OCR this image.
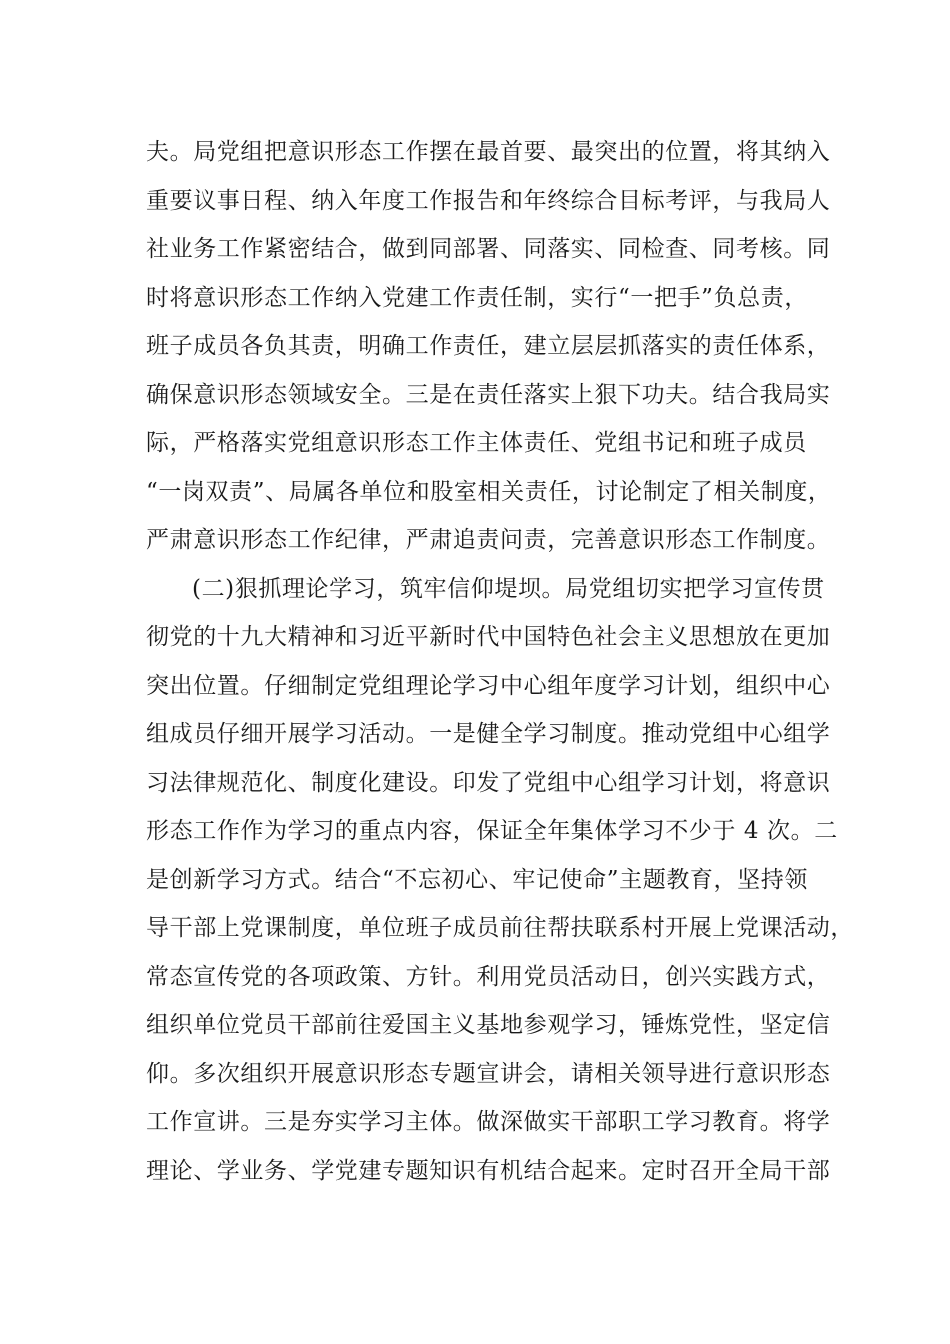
夫。局党组把意识形态工作摆在最首要、最突出的位置，将其纳入
重要议事日程、纳入年度工作报告和年终综合目标考评，与我局人
社业务工作紧密结合，做到同部署、同落实、同检查、同考核。同
时将意识形态工作纳入党建工作责任制，实行“一把手”负总责，
班子成员各负其责，明确工作责任，建立层层抓落实的责任体系，
确保意识形态领域安全。三是在责任落实上狠下功夫。结合我局实
际，严格落实党组意识形态工作主体责任、党组书记和班子成员
“一岗双责”、局属各单位和股室相关责任，讨论制定了相关制度，
严肃意识形态工作纪律，严肃追责问责，完善意识形态工作制度。
(二)狠抓理论学习，筑牢信仰堤坝。局党组切实把学习宣传贯
彻党的十九大精神和习近平新时代中国特色社会主义思想放在更加
突出位置。仔细制定党组理论学习中心组年度学习计划，组织中心
组成员仔细开展学习活动。一是健全学习制度。推动党组中心组学
习法律规范化、制度化建设。印发了党组中心组学习计划，将意识
形态工作作为学习的重点内容，保证全年集体学习不少于 4 次。二
是创新学习方式。结合“不忘初心、牢记使命”主题教育，坚持领
导干部上党课制度，单位班子成员前往帮扶联系村开展上党课活动，
常态宣传党的各项政策、方针。利用党员活动日，创兴实践方式，
组织单位党员干部前往爱国主义基地参观学习，锤炼党性，坚定信
仰。多次组织开展意识形态专题宣讲会，请相关领导进行意识形态
工作宣讲。三是夯实学习主体。做深做实干部职工学习教育。将学
理论、学业务、学党建专题知识有机结合起来。定时召开全局干部
